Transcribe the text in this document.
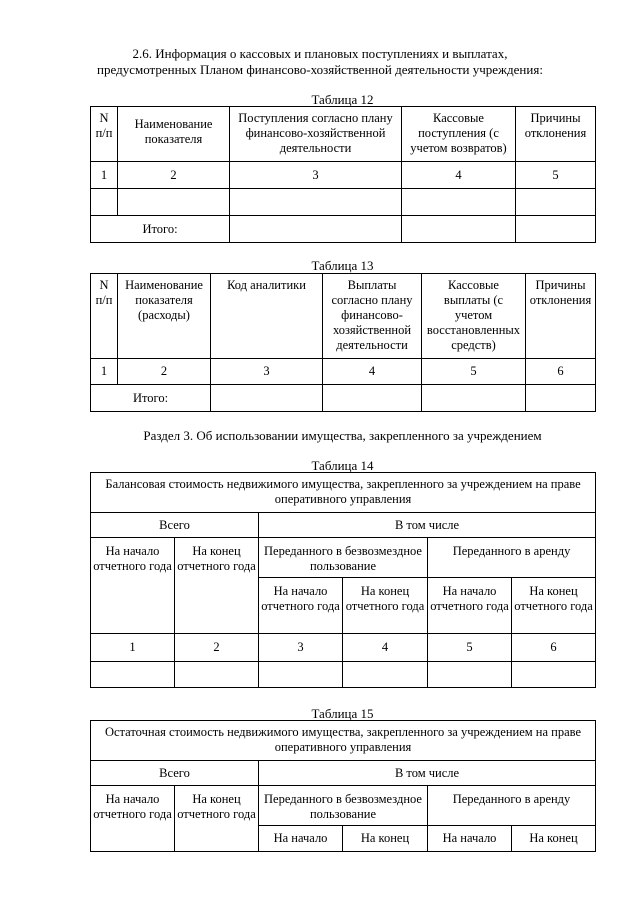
2.6. Информация о кассовых и плановых поступлениях и выплатах,
предусмотренных Планом финансово-хозяйственной деятельности учреждения:
Таблица 12
N п/п	Наименование показателя	Поступления согласно плану финансово-хозяйственной деятельности	Кассовые поступления (с учетом возвратов)	Причины отклонения
1	2	3	4	5

Итого:				
Таблица 13
N п/п	Наименование показателя (расходы)	Код аналитики	Выплаты согласно плану финансово-хозяйственной деятельности	Кассовые выплаты (с учетом восстановленных средств)	Причины отклонения
1	2	3	4	5	6
Итого:					
Раздел 3. Об использовании имущества, закрепленного за учреждением
Таблица 14
Балансовая стоимость недвижимого имущества, закрепленного за учреждением на праве оперативного управления					
Всего		В том числе			
На начало отчетного года	На конец отчетного года	Переданного в безвозмездное пользование		Переданного в аренду	
		На начало отчетного года	На конец отчетного года	На начало отчетного года	На конец отчетного года
1	2	3	4	5	6

Таблица 15
Остаточная стоимость недвижимого имущества, закрепленного за учреждением на праве оперативного управления					
Всего		В том числе			
На начало отчетного года	На конец отчетного года	Переданного в безвозмездное пользование		Переданного в аренду	
		На начало	На конец	На начало	На конец
